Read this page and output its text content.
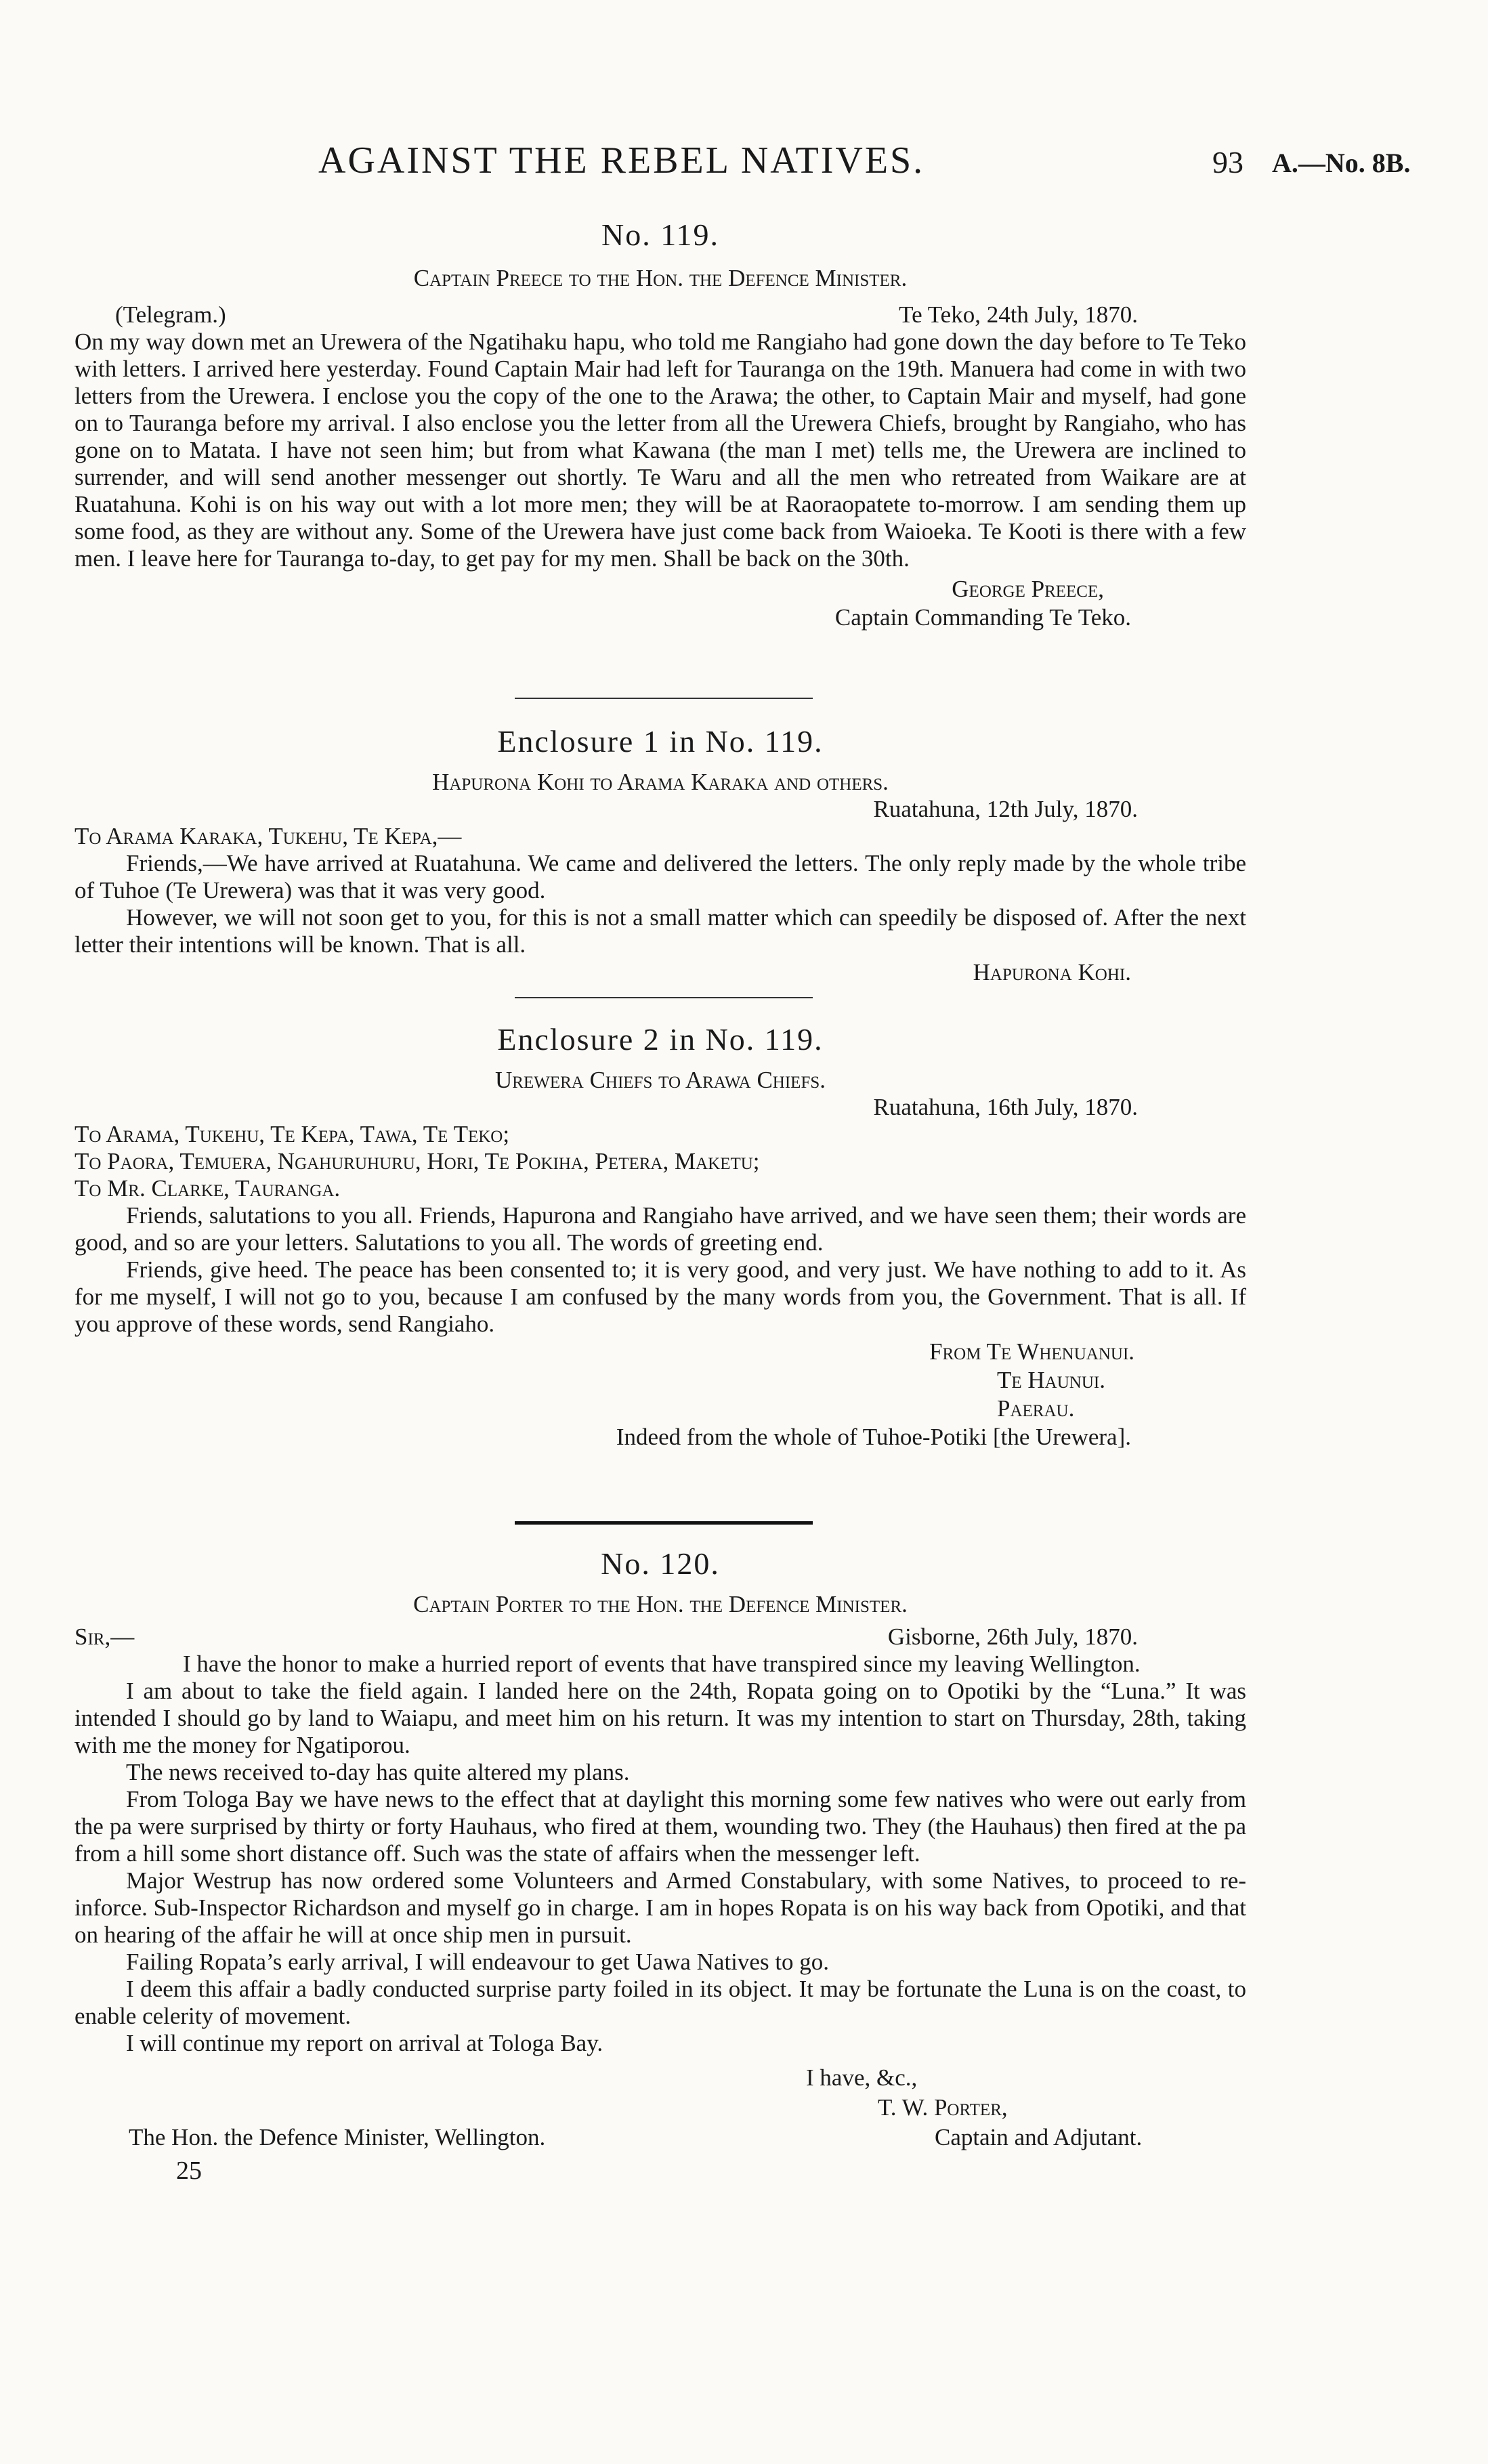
AGAINST THE REBEL NATIVES.	93 A.—No. 8B.

No. 119.

Captain Preece to the Hon. the Defence Minister.

(Telegram.)	Te Teko, 24th July, 1870.

On my way down met an Urewera of the Ngatihaku hapu, who told me Rangiaho had gone down the day before to Te Teko with letters. I arrived here yesterday. Found Captain Mair had left for Tauranga on the 19th. Manuera had come in with two letters from the Urewera. I enclose you the copy of the one to the Arawa; the other, to Captain Mair and myself, had gone on to Tauranga before my arrival. I also enclose you the letter from all the Urewera Chiefs, brought by Rangiaho, who has gone on to Matata. I have not seen him; but from what Kawana (the man I met) tells me, the Urewera are inclined to surrender, and will send another messenger out shortly. Te Waru and all the men who retreated from Waikare are at Ruatahuna. Kohi is on his way out with a lot more men; they will be at Raoraopatete to-morrow. I am sending them up some food, as they are without any. Some of the Urewera have just come back from Waioeka. Te Kooti is there with a few men. I leave here for Tauranga to-day, to get pay for my men. Shall be back on the 30th.

George Preece,
Captain Commanding Te Teko.

Enclosure 1 in No. 119.

Hapurona Kohi to Arama Karaka and others.

Ruatahuna, 12th July, 1870.

To Arama Karaka, Tukehu, Te Kepa,—

Friends,—We have arrived at Ruatahuna. We came and delivered the letters. The only reply made by the whole tribe of Tuhoe (Te Urewera) was that it was very good.

However, we will not soon get to you, for this is not a small matter which can speedily be disposed of. After the next letter their intentions will be known. That is all.

Hapurona Kohi.

Enclosure 2 in No. 119.

Urewera Chiefs to Arawa Chiefs.

Ruatahuna, 16th July, 1870.

To Arama, Tukehu, Te Kepa, Tawa, Te Teko;

To Paora, Temuera, Ngahuruhuru, Hori, Te Pokiha, Petera, Maketu;

To Mr. Clarke, Tauranga.

Friends, salutations to you all. Friends, Hapurona and Rangiaho have arrived, and we have seen them; their words are good, and so are your letters. Salutations to you all. The words of greeting end.

Friends, give heed. The peace has been consented to; it is very good, and very just. We have nothing to add to it. As for me myself, I will not go to you, because I am confused by the many words from you, the Government. That is all. If you approve of these words, send Rangiaho.

From Te Whenuanui.
Te Haunui.
Paerau.
Indeed from the whole of Tuhoe-Potiki [the Urewera].

No. 120.

Captain Porter to the Hon. the Defence Minister.

Sir,—	Gisborne, 26th July, 1870.

I have the honor to make a hurried report of events that have transpired since my leaving Wellington.

I am about to take the field again. I landed here on the 24th, Ropata going on to Opotiki by the “Luna.” It was intended I should go by land to Waiapu, and meet him on his return. It was my intention to start on Thursday, 28th, taking with me the money for Ngatiporou.

The news received to-day has quite altered my plans.

From Tologa Bay we have news to the effect that at daylight this morning some few natives who were out early from the pa were surprised by thirty or forty Hauhaus, who fired at them, wounding two. They (the Hauhaus) then fired at the pa from a hill some short distance off. Such was the state of affairs when the messenger left.

Major Westrup has now ordered some Volunteers and Armed Constabulary, with some Natives, to proceed to re-inforce. Sub-Inspector Richardson and myself go in charge. I am in hopes Ropata is on his way back from Opotiki, and that on hearing of the affair he will at once ship men in pursuit.

Failing Ropata’s early arrival, I will endeavour to get Uawa Natives to go.

I deem this affair a badly conducted surprise party foiled in its object. It may be fortunate the Luna is on the coast, to enable celerity of movement.

I will continue my report on arrival at Tologa Bay.

I have, &c.,
T. W. Porter,
The Hon. the Defence Minister, Wellington.	Captain and Adjutant.
25
